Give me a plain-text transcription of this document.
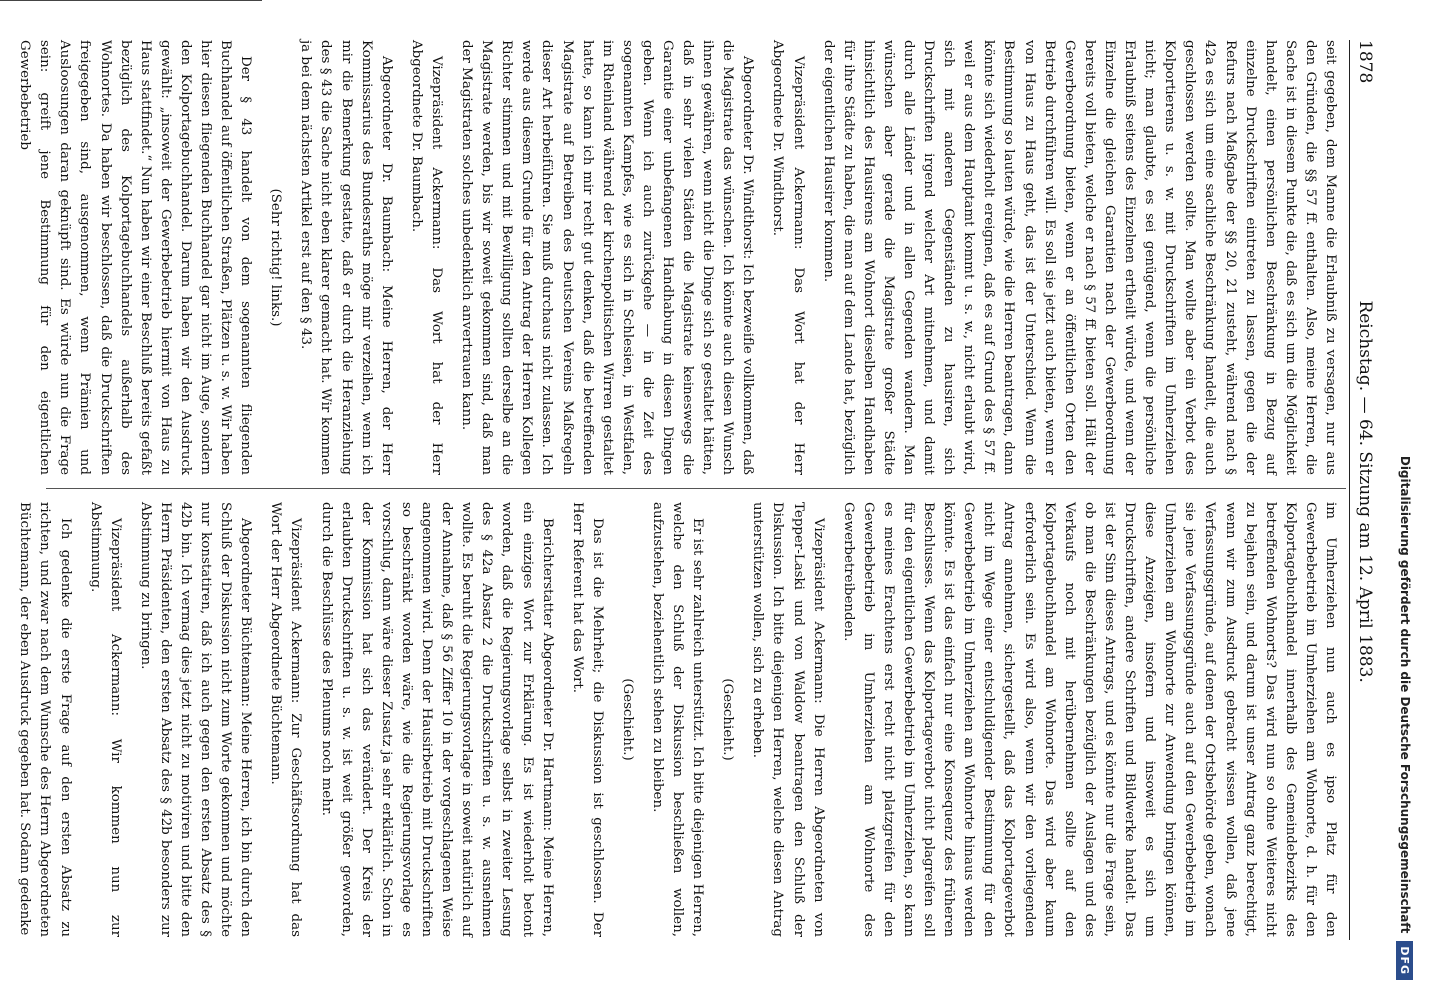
Digitalisierung gefördert durch die Deutsche Forschungsgemeinschaft
DFG
1878
Reichstag. — 64. Sitzung am 12. April 1883.

seit gegeben, dem Manne die Erlaubniß zu versagen, nur aus den Gründen, die §§ 57 ff. enthalten. Also, meine Herren, die Sache ist in diesem Punkte die, daß es sich um die Möglichkeit handelt, einen persönlichen Beschränkung in Bezug auf einzelne Druckschriften eintreten zu lassen, gegen die der Refurs nach Maßgabe der §§ 20, 21 zusteht, während nach § 42a es sich um eine sachliche Beschränkung handelt, die auch geschlossen werden sollte. Man wollte aber ein Verbot des Kolportierens u. s. w. mit Druckschriften im Umherziehen nicht; man glaubte, es sei genügend, wenn die persönliche Erlaubniß seitens des Einzelnen ertheilt würde, und wenn der Einzelne die gleichen Garantien nach der Gewerbeordnung bereits voll bieten, welche er nach § 57 ff. bieten soll. Hält der Gewerbeordnung bieten, wenn er an öffentlichen Orten den Betrieb durchführen will. Es soll sie jetzt auch bieten, wenn er von Haus zu Haus geht, das ist der Unterschied. Wenn die Bestimmung so lauten würde, wie die Herren beantragen, dann könnte sich wiederholt ereignen, daß es auf Grund des § 57 ff. weil er aus dem Hauptamt kommt u. s. w., nicht erlaubt wird, sich mit anderen Gegenständen zu hausiren, sich Druckschriften irgend welcher Art mitnehmen, und damit durch alle Länder und in allen Gegenden wandern. Man wünschen aber gerade die Magistrate großer Städte hinsichtlich des Hausirens am Wohnort dieselben Handhaben für ihre Städte zu haben, die man auf dem Lande hat, bezüglich der eigentlichen Hausirer kommen.

Vizepräsident Ackermann: Das Wort hat der Herr Abgeordnete Dr. Windthorst.

Abgeordneter Dr. Windthorst: Ich bezweifle vollkommen, daß die Magistrate das wünschen. Ich könnte auch diesen Wunsch ihnen gewähren, wenn nicht die Dinge sich so gestaltet hätten, daß in sehr vielen Städten die Magistrate keineswegs die Garantie einer unbefangenen Handhabung in diesen Dingen geben. Wenn ich auch zurückgehe — in die Zeit des sogenannten Kampfes, wie es sich in Schlesien, in Westfalen, im Rheinland während der kirchenpolitischen Wirren gestaltet hatte, so kann ich mir recht gut denken, daß die betreffenden Magistrate auf Betreiben des Deutschen Vereins Maßregeln dieser Art herbeiführen. Sie muß durchaus nicht zulassen. Ich werde aus diesem Grunde für den Antrag der Herren Kollegen Richter stimmen und mit Bewilligung sollten derselbe an die Magistrate werden, bis wir soweit gekommen sind, daß man der Magistraten solches unbedenklich anvertrauen kann.

Vizepräsident Ackermann: Das Wort hat der Herr Abgeordnete Dr. Baumbach.

Abgeordneter Dr. Baumbach: Meine Herren, der Herr Kommissarius des Bundesraths möge mir verzeihen, wenn ich mir die Bemerkung gestatte, daß er durch die Heranziehung des § 43 die Sache nicht eben klarer gemacht hat. Wir kommen ja bei dem nächsten Artikel erst auf den § 43.

(Sehr richtig! links.)

Der § 43 handelt von dem sogenannten fliegenden Buchhandel auf öffentlichen Straßen, Plätzen u. s. w. Wir haben hier diesen fliegenden Buchhandel gar nicht im Auge, sondern den Kolportagebuchhandel. Darum haben wir den Ausdruck gewählt: „insoweit der Gewerbebetrieb hiermit von Haus zu Haus stattfindet.“ Nun haben wir einer Beschluß bereits gefaßt bezüglich des Kolportagebuchhandels außerhalb des Wohnortes. Da haben wir beschlossen, daß die Druckschriften freigegeben sind, ausgenommen, wenn Prämien und Ausloosungen daran geknüpft sind. Es würde nun die Frage sein: greift jene Bestimmung für den eigentlichen Gewerbebetrieb

im Umherziehen nun auch es ipso Platz für den Gewerbebetrieb im Umherziehen am Wohnorte, d. h. für den Kolportagebuchhandel innerhalb des Gemeindebezirks des betreffenden Wohnorts? Das wird nun so ohne Weiteres nicht zu bejahen sein, und darum ist unser Antrag ganz berechtigt, wenn wir zum Ausdruck gebracht wissen wollen, daß jene Verfassungsgründe, auf denen der Ortsbehörde geben, wonach sie jene Verfassungsgründe auch auf den Gewerbebetrieb im Umherziehen am Wohnorte zur Anwendung bringen können, diese Anzeigen, insofern und insoweit es sich um Druckschriften, andere Schriften und Bildwerke handelt. Das ist der Sinn dieses Antrags, und es könnte nur die Frage sein, ob man die Beschränkungen bezüglich der Auslagen und des Verkaufs noch mit herübernehmen sollte auf den Kolportagebuchhandel am Wohnorte. Das wird aber kaum erforderlich sein. Es wird also, wenn wir den vorliegenden Antrag annehmen, sichergestellt, daß das Kolportageverbot nicht im Wege einer entschuldigender Bestimmung für den Gewerbebetrieb im Umherziehen am Wohnorte hinaus werden könnte. Es ist das einfach nur eine Konsequenz des früheren Beschlusses. Wenn das Kolportageverbot nicht plagreifen soll für den eigentlichen Gewerbebetrieb im Umherziehen, so kann es meines Erachtens erst recht nicht platzgreifen für den Gewerbebetrieb im Umherziehen am Wohnorte des Gewerbetreibenden.

Vizepräsident Ackermann: Die Herren Abgeordneten von Tepper-Laski und von Waldow beantragen den Schluß der Diskussion. Ich bitte diejenigen Herren, welche diesen Antrag unterstützen wollen, sich zu erheben.

(Geschieht.)

Er ist sehr zahlreich unterstützt. Ich bitte diejenigen Herren, welche den Schluß der Diskussion beschließen wollen, aufzustehen, beziehentlich stehen zu bleiben.

(Geschieht.)

Das ist die Mehrheit; die Diskussion ist geschlossen. Der Herr Referent hat das Wort.

Berichterstatter Abgeordneter Dr. Hartmann: Meine Herren, ein einziges Wort zur Erklärung. Es ist wiederholt betont worden, daß die Regierungsvorlage selbst in zweiter Lesung des § 42a Absatz 2 die Druckschriften u. s. w. ausnehmen wollte. Es beruht die Regierungsvorlage in soweit natürlich auf der Annahme, daß § 56 Ziffer 10 in der vorgeschlagenen Weise angenommen wird. Denn der Hausirbetrieb mit Druckschriften so beschränkt worden wäre, wie die Regierungsvorlage es vorschlug, dann wäre dieser Zusatz ja sehr erklärlich. Schon in der Kommission hat sich das verändert. Der Kreis der erlaubten Druckschriften u. s. w. ist weit größer geworden, durch die Beschlüsse des Plenums noch mehr.

Vizepräsident Ackermann: Zur Geschäftsordnung hat das Wort der Herr Abgeordnete Büchtemann.

Abgeordneter Büchtemann: Meine Herren, ich bin durch den Schluß der Diskussion nicht zum Worte gekommen und möchte nur konstatiren, daß ich auch gegen den ersten Absatz des § 42b bin. Ich vermag dies jetzt nicht zu motiviren und bitte den Herrn Präsidenten, den ersten Absatz des § 42b besonders zur Abstimmung zu bringen.

Vizepräsident Ackermann: Wir kommen nun zur Abstimmung.

Ich gedenke die erste Frage auf den ersten Absatz zu richten, und zwar nach dem Wunsche des Herrn Abgeordneten Büchtemann, der eben Ausdruck gegeben hat. Sodann gedenke
